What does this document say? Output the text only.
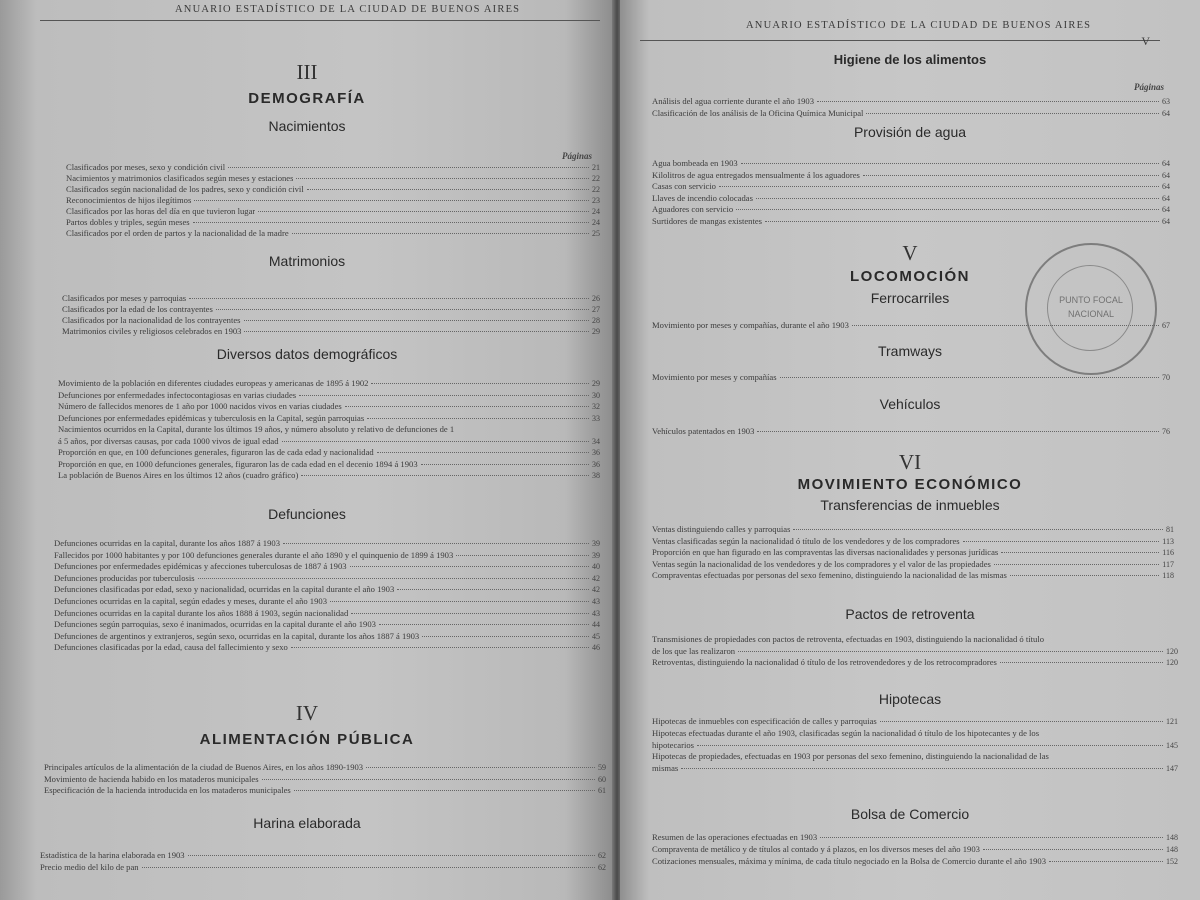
ANUARIO ESTADÍSTICO DE LA CIUDAD DE BUENOS AIRES
III
DEMOGRAFÍA
Nacimientos
Páginas
Matrimonios
Diversos datos demográficos
Defunciones
IV
ALIMENTACIÓN PÚBLICA
Harina elaborada
Clasificados por meses, sexo y condición civil	21
Nacimientos y matrimonios clasificados según meses y estaciones	22
Clasificados según nacionalidad de los padres, sexo y condición civil	22
Reconocimientos de hijos ilegítimos	23
Clasificados por las horas del día en que tuvieron lugar	24
Partos dobles y triples, según meses	24
Clasificados por el orden de partos y la nacionalidad de la madre	25
Clasificados por meses y parroquias	26
Clasificados por la edad de los contrayentes	27
Clasificados por la nacionalidad de los contrayentes	28
Matrimonios civiles y religiosos celebrados en 1903	29
Movimiento de la población en diferentes ciudades europeas y americanas de 1895 á 1902	29
Defunciones por enfermedades infectocontagiosas en varias ciudades	30
Número de fallecidos menores de 1 año por 1000 nacidos vivos en varias ciudades	32
Defunciones por enfermedades epidémicas y tuberculosis en la Capital, según parroquias	33
Nacimientos ocurridos en la Capital, durante los últimos 19 años, y número absoluto y relativo de defunciones de 1
á 5 años, por diversas causas, por cada 1000 vivos de igual edad	34
Proporción en que, en 100 defunciones generales, figuraron las de cada edad y nacionalidad	36
Proporción en que, en 1000 defunciones generales, figuraron las de cada edad en el decenio 1894 á 1903	36
La población de Buenos Aires en los últimos 12 años (cuadro gráfico)	38
Defunciones ocurridas en la capital, durante los años 1887 á 1903	39
Fallecidos por 1000 habitantes y por 100 defunciones generales durante el año 1890 y el quinquenio de 1899 á 1903	39
Defunciones por enfermedades epidémicas y afecciones tuberculosas de 1887 á 1903	40
Defunciones producidas por tuberculosis	42
Defunciones clasificadas por edad, sexo y nacionalidad, ocurridas en la capital durante el año 1903	42
Defunciones ocurridas en la capital, según edades y meses, durante el año 1903	43
Defunciones ocurridas en la capital durante los años 1888 á 1903, según nacionalidad	43
Defunciones según parroquias, sexo é inanimados, ocurridas en la capital durante el año 1903	44
Defunciones de argentinos y extranjeros, según sexo, ocurridas en la capital, durante los años 1887 á 1903	45
Defunciones clasificadas por la edad, causa del fallecimiento y sexo	46
Principales artículos de la alimentación de la ciudad de Buenos Aires, en los años 1890-1903	59
Movimiento de hacienda habido en los mataderos municipales	60
Especificación de la hacienda introducida en los mataderos municipales	61
Estadística de la harina elaborada en 1903	62
Precio medio del kilo de pan	62
ANUARIO ESTADÍSTICO DE LA CIUDAD DE BUENOS AIRES
V
Higiene de los alimentos
Páginas
Provisión de agua
V
LOCOMOCIÓN
Ferrocarriles
Tramways
Vehículos
VI
MOVIMIENTO ECONÓMICO
Transferencias de inmuebles
Pactos de retroventa
Hipotecas
Bolsa de Comercio
Análisis del agua corriente durante el año 1903	63
Clasificación de los análisis de la Oficina Química Municipal	64
Agua bombeada en 1903	64
Kilolitros de agua entregados mensualmente á los aguadores	64
Casas con servicio	64
Llaves de incendio colocadas	64
Aguadores con servicio	64
Surtidores de mangas existentes	64
Movimiento por meses y compañías, durante el año 1903	67
Movimiento por meses y compañías	70
Vehículos patentados en 1903	76
Ventas distinguiendo calles y parroquias	81
Ventas clasificadas según la nacionalidad ó título de los vendedores y de los compradores	113
Proporción en que han figurado en las compraventas las diversas nacionalidades y personas jurídicas	116
Ventas según la nacionalidad de los vendedores y de los compradores y el valor de las propiedades	117
Compraventas efectuadas por personas del sexo femenino, distinguiendo la nacionalidad de las mismas	118
Transmisiones de propiedades con pactos de retroventa, efectuadas en 1903, distinguiendo la nacionalidad ó título
de los que las realizaron	120
Retroventas, distinguiendo la nacionalidad ó título de los retrovendedores y de los retrocompradores	120
Hipotecas de inmuebles con especificación de calles y parroquias	121
Hipotecas efectuadas durante el año 1903, clasificadas según la nacionalidad ó título de los hipotecantes y de los
hipotecarios	145
Hipotecas de propiedades, efectuadas en 1903 por personas del sexo femenino, distinguiendo la nacionalidad de las
mismas	147
Resumen de las operaciones efectuadas en 1903	148
Compraventa de metálico y de títulos al contado y á plazos, en los diversos meses del año 1903	148
Cotizaciones mensuales, máxima y mínima, de cada título negociado en la Bolsa de Comercio durante el año 1903	152
PUNTO FOCAL
NACIONAL
